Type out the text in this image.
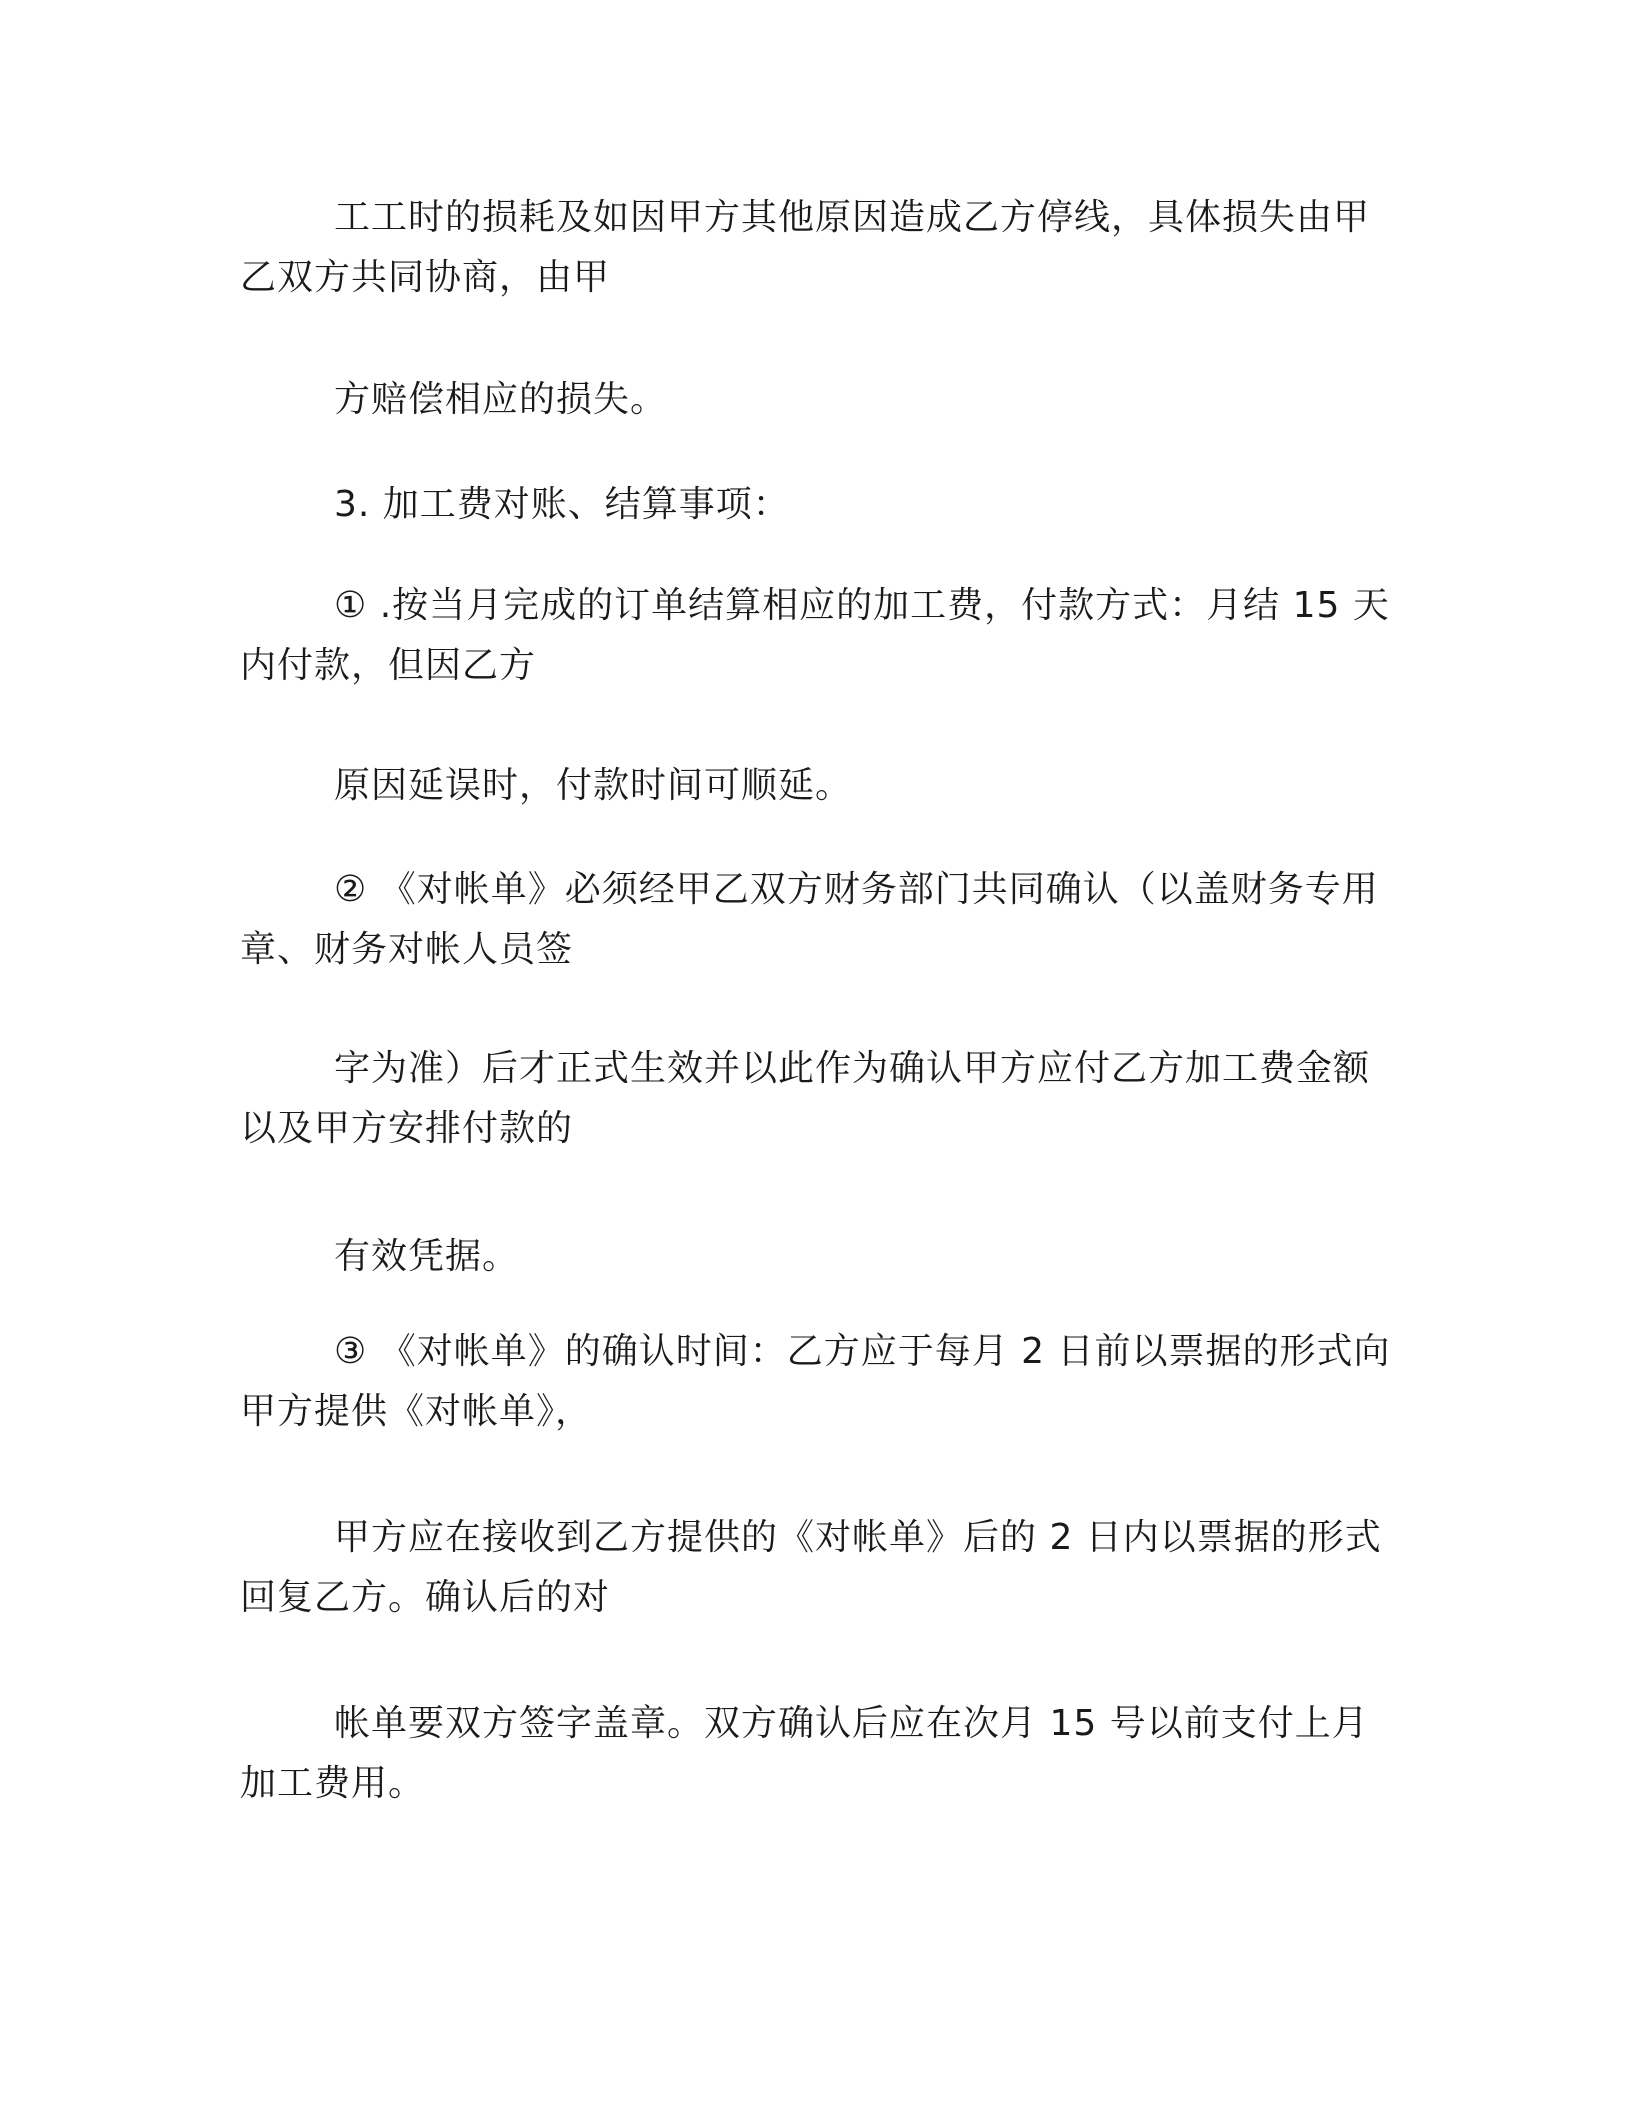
工工时的损耗及如因甲方其他原因造成乙方停线，具体损失由甲
乙双方共同协商，由甲

方赔偿相应的损失。

3. 加工费对账、结算事项：

① .按当月完成的订单结算相应的加工费，付款方式：月结 15 天
内付款，但因乙方

原因延误时，付款时间可顺延。

② 《对帐单》必须经甲乙双方财务部门共同确认（以盖财务专用
章、财务对帐人员签

字为准）后才正式生效并以此作为确认甲方应付乙方加工费金额
以及甲方安排付款的

有效凭据。

③ 《对帐单》的确认时间：乙方应于每月 2 日前以票据的形式向
甲方提供《对帐单》，

甲方应在接收到乙方提供的《对帐单》后的 2 日内以票据的形式
回复乙方。确认后的对

帐单要双方签字盖章。双方确认后应在次月 15 号以前支付上月
加工费用。
